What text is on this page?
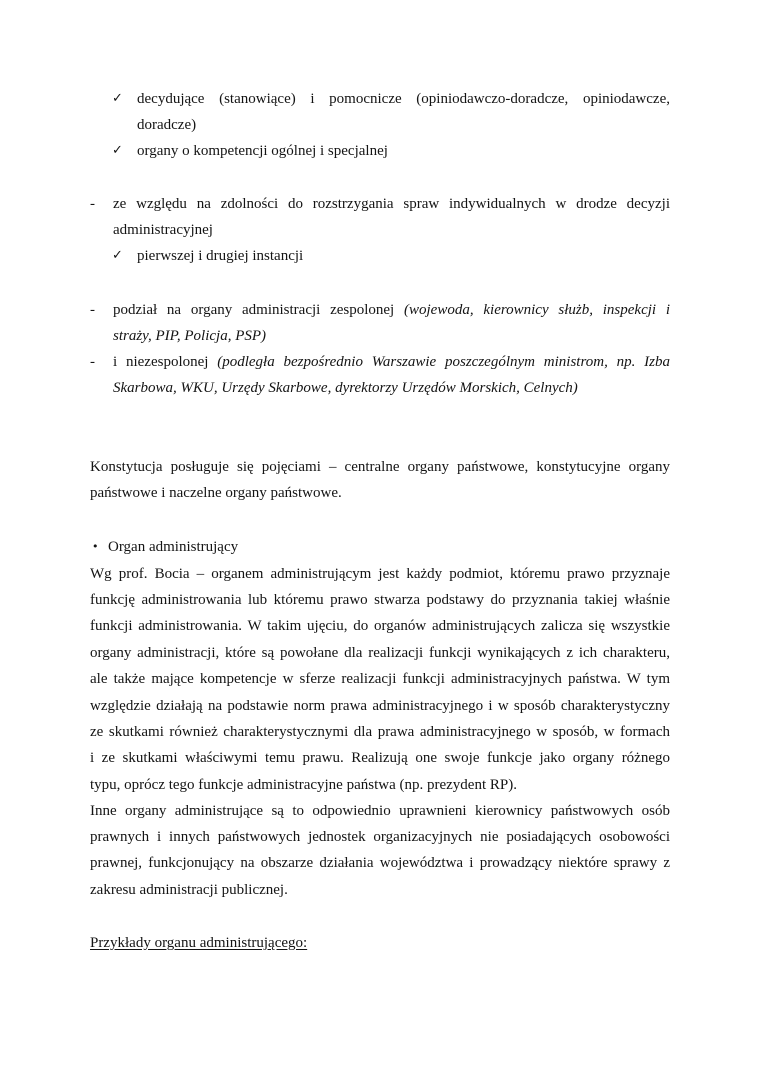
✓ decydujące (stanowiące) i pomocnicze (opiniodawczo-doradcze, opiniodawcze,
doradcze)
✓ organy o kompetencji ogólnej i specjalnej
- ze względu na zdolności do rozstrzygania spraw indywidualnych w drodze decyzji
administracyjnej
✓ pierwszej i drugiej instancji
- podział na organy administracji zespolonej (wojewoda, kierownicy służb, inspekcji i
straży, PIP, Policja, PSP)
- i niezespolonej (podległa bezpośrednio Warszawie poszczególnym ministrom, np. Izba
Skarbowa, WKU, Urzędy Skarbowe, dyrektorzy Urzędów Morskich, Celnych)
Konstytucja posługuje się pojęciami – centralne organy państwowe, konstytucyjne organy
państwowe i naczelne organy państwowe.
• Organ administrujący
Wg prof. Bocia – organem administrującym jest każdy podmiot, któremu prawo przyznaje
funkcję administrowania lub któremu prawo stwarza podstawy do przyznania takiej właśnie
funkcji administrowania. W takim ujęciu, do organów administrujących zalicza się wszystkie
organy administracji, które są powołane dla realizacji funkcji wynikających z ich charakteru,
ale także mające kompetencje w sferze realizacji funkcji administracyjnych państwa. W tym
względzie działają na podstawie norm prawa administracyjnego i w sposób charakterystyczny
ze skutkami również charakterystycznymi dla prawa administracyjnego w sposób, w formach
i ze skutkami właściwymi temu prawu. Realizują one swoje funkcje jako organy różnego
typu, oprócz tego funkcje administracyjne państwa (np. prezydent RP).
Inne organy administrujące są to odpowiednio uprawnieni kierownicy państwowych osób
prawnych i innych państwowych jednostek organizacyjnych nie posiadających osobowości
prawnej, funkcjonujący na obszarze działania województwa i prowadzący niektóre sprawy z
zakresu administracji publicznej.
Przykłady organu administrującego:
